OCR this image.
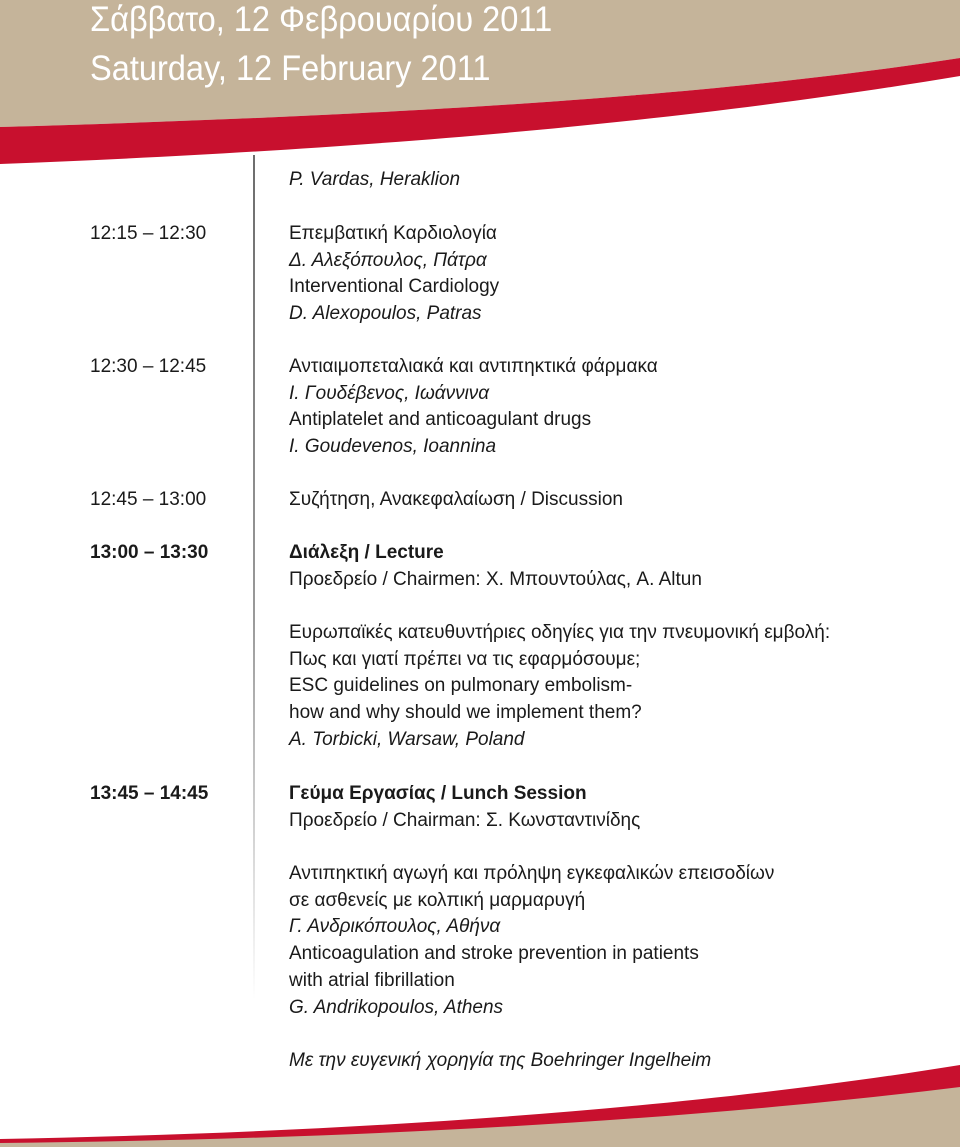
Σάββατο, 12 Φεβρουαρίου 2011
Saturday, 12 February 2011
P. Vardas, Heraklion
12:15 – 12:30	Επεμβατική Καρδιολογία
Δ. Αλεξόπουλος, Πάτρα
Interventional Cardiology
D. Alexopoulos, Patras
12:30 – 12:45	Αντιαιμοπεταλιακά και αντιπηκτικά φάρμακα
Ι. Γουδέβενος, Ιωάννινα
Antiplatelet and anticoagulant drugs
I. Goudevenos, Ioannina
12:45 – 13:00	Συζήτηση, Ανακεφαλαίωση / Discussion
13:00 – 13:30	Διάλεξη / Lecture
Προεδρείο / Chairmen: Χ. Μπουντούλας, A. Altun
Ευρωπαϊκές κατευθυντήριες οδηγίες για την πνευμονική εμβολή:
Πως και γιατί πρέπει να τις εφαρμόσουμε;
ESC guidelines on pulmonary embolism-
how and why should we implement them?
A. Torbicki, Warsaw, Poland
13:45 – 14:45	Γεύμα Εργασίας / Lunch Session
Προεδρείο / Chairman: Σ. Κωνσταντινίδης
Αντιπηκτική αγωγή και πρόληψη εγκεφαλικών επεισοδίων
σε ασθενείς με κολπική μαρμαρυγή
Γ. Ανδρικόπουλος, Αθήνα
Anticoagulation and stroke prevention in patients
with atrial fibrillation
G. Andrikopoulos, Athens
Με την ευγενική χορηγία της Boehringer Ingelheim
